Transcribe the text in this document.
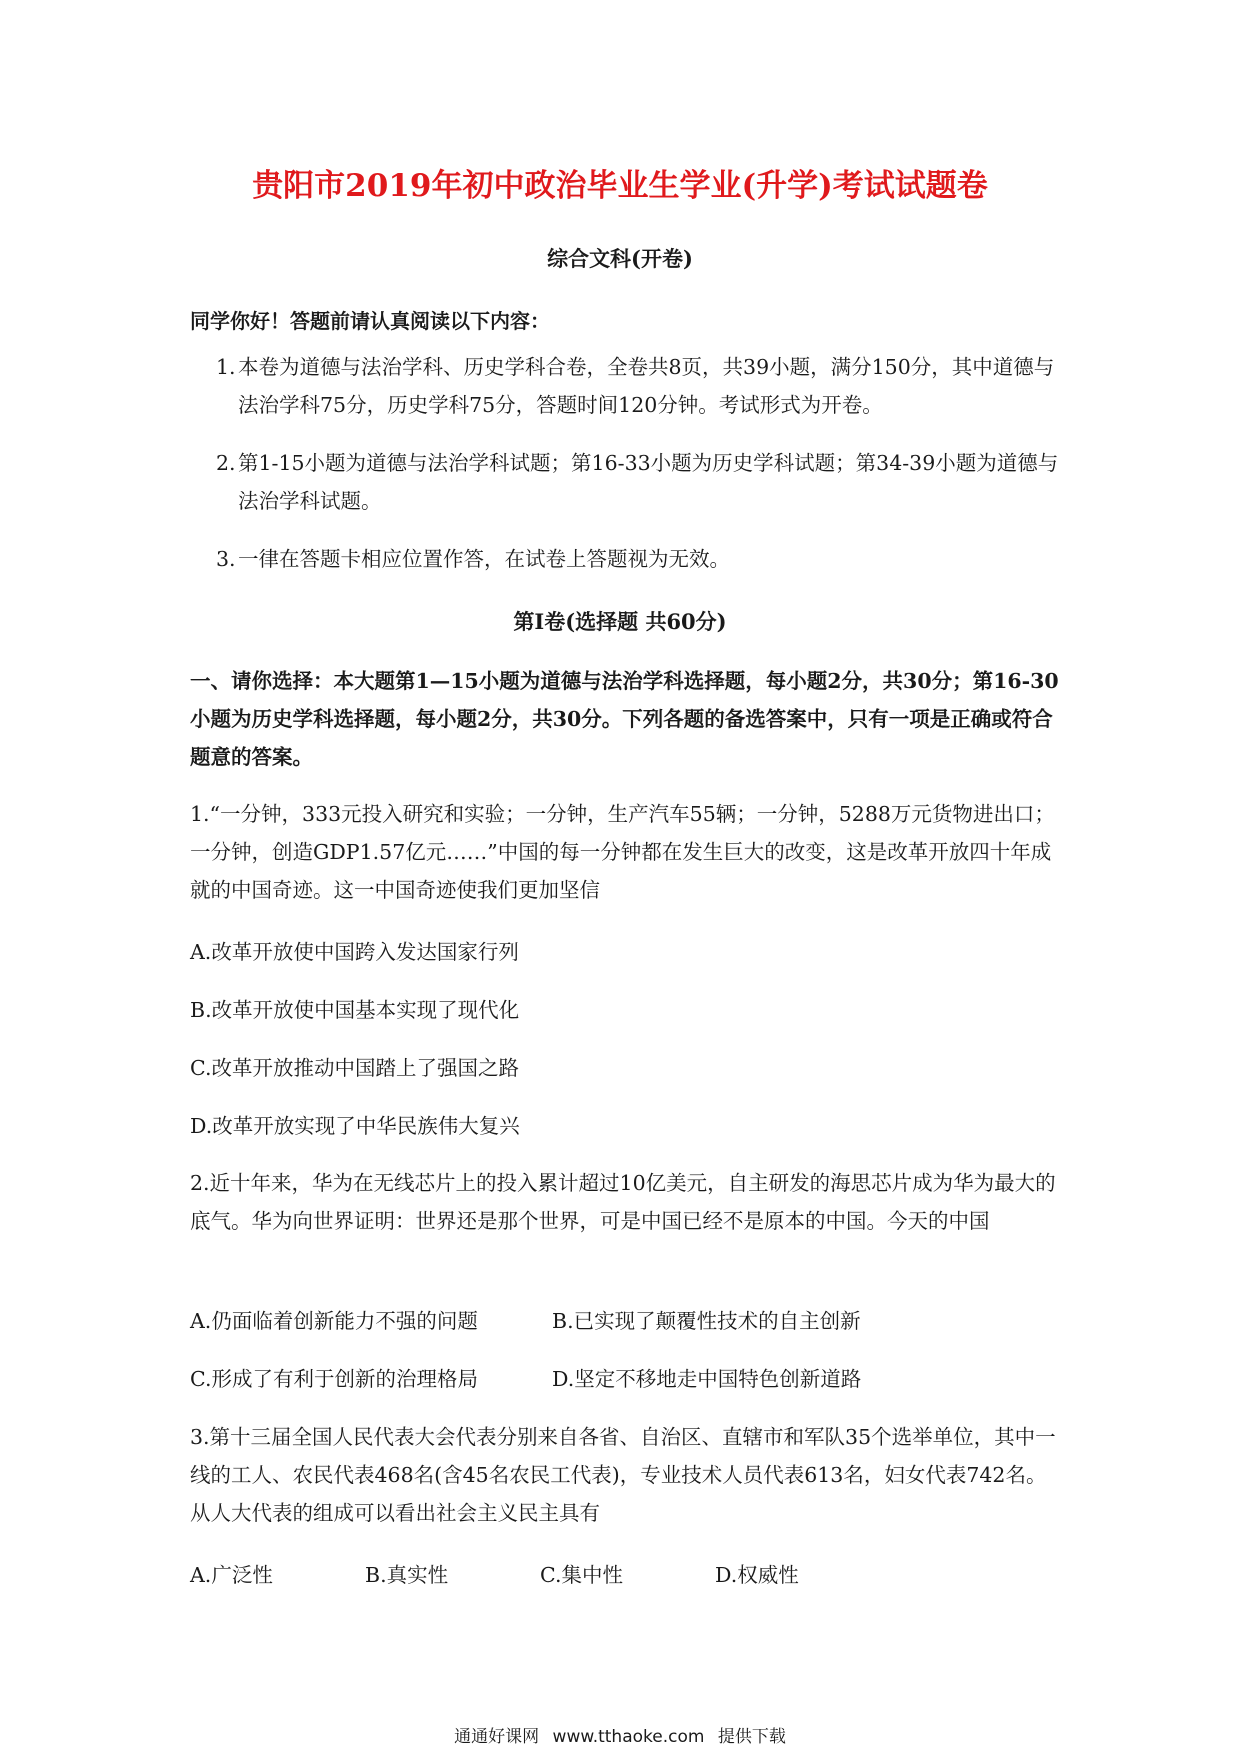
贵阳市2019年初中政治毕业生学业(升学)考试试题卷
综合文科(开卷)
同学你好！答题前请认真阅读以下内容：
1. 本卷为道德与法治学科、历史学科合卷，全卷共8页，共39小题，满分150分，其中道德与法治学科75分，历史学科75分，答题时间120分钟。考试形式为开卷。
2. 第1-15小题为道德与法治学科试题；第16-33小题为历史学科试题；第34-39小题为道德与法治学科试题。
3. 一律在答题卡相应位置作答，在试卷上答题视为无效。
第Ⅰ卷(选择题 共60分)
一、请你选择：本大题第1—15小题为道德与法治学科选择题，每小题2分，共30分；第16-30小题为历史学科选择题，每小题2分，共30分。下列各题的备选答案中，只有一项是正确或符合题意的答案。
1.“一分钟，333元投入研究和实验；一分钟，生产汽车55辆；一分钟，5288万元货物进出口；一分钟，创造GDP1.57亿元……”中国的每一分钟都在发生巨大的改变，这是改革开放四十年成就的中国奇迹。这一中国奇迹使我们更加坚信
A.改革开放使中国跨入发达国家行列
B.改革开放使中国基本实现了现代化
C.改革开放推动中国踏上了强国之路
D.改革开放实现了中华民族伟大复兴
2.近十年来，华为在无线芯片上的投入累计超过10亿美元，自主研发的海思芯片成为华为最大的底气。华为向世界证明：世界还是那个世界，可是中国已经不是原本的中国。今天的中国
A.仍面临着创新能力不强的问题	B.已实现了颠覆性技术的自主创新
C.形成了有利于创新的治理格局	D.坚定不移地走中国特色创新道路
3.第十三届全国人民代表大会代表分别来自各省、自治区、直辖市和军队35个选举单位，其中一线的工人、农民代表468名(含45名农民工代表)，专业技术人员代表613名，妇女代表742名。从人大代表的组成可以看出社会主义民主具有
A.广泛性	B.真实性	C.集中性	D.权威性
通通好课网 www.tthaoke.com 提供下载
